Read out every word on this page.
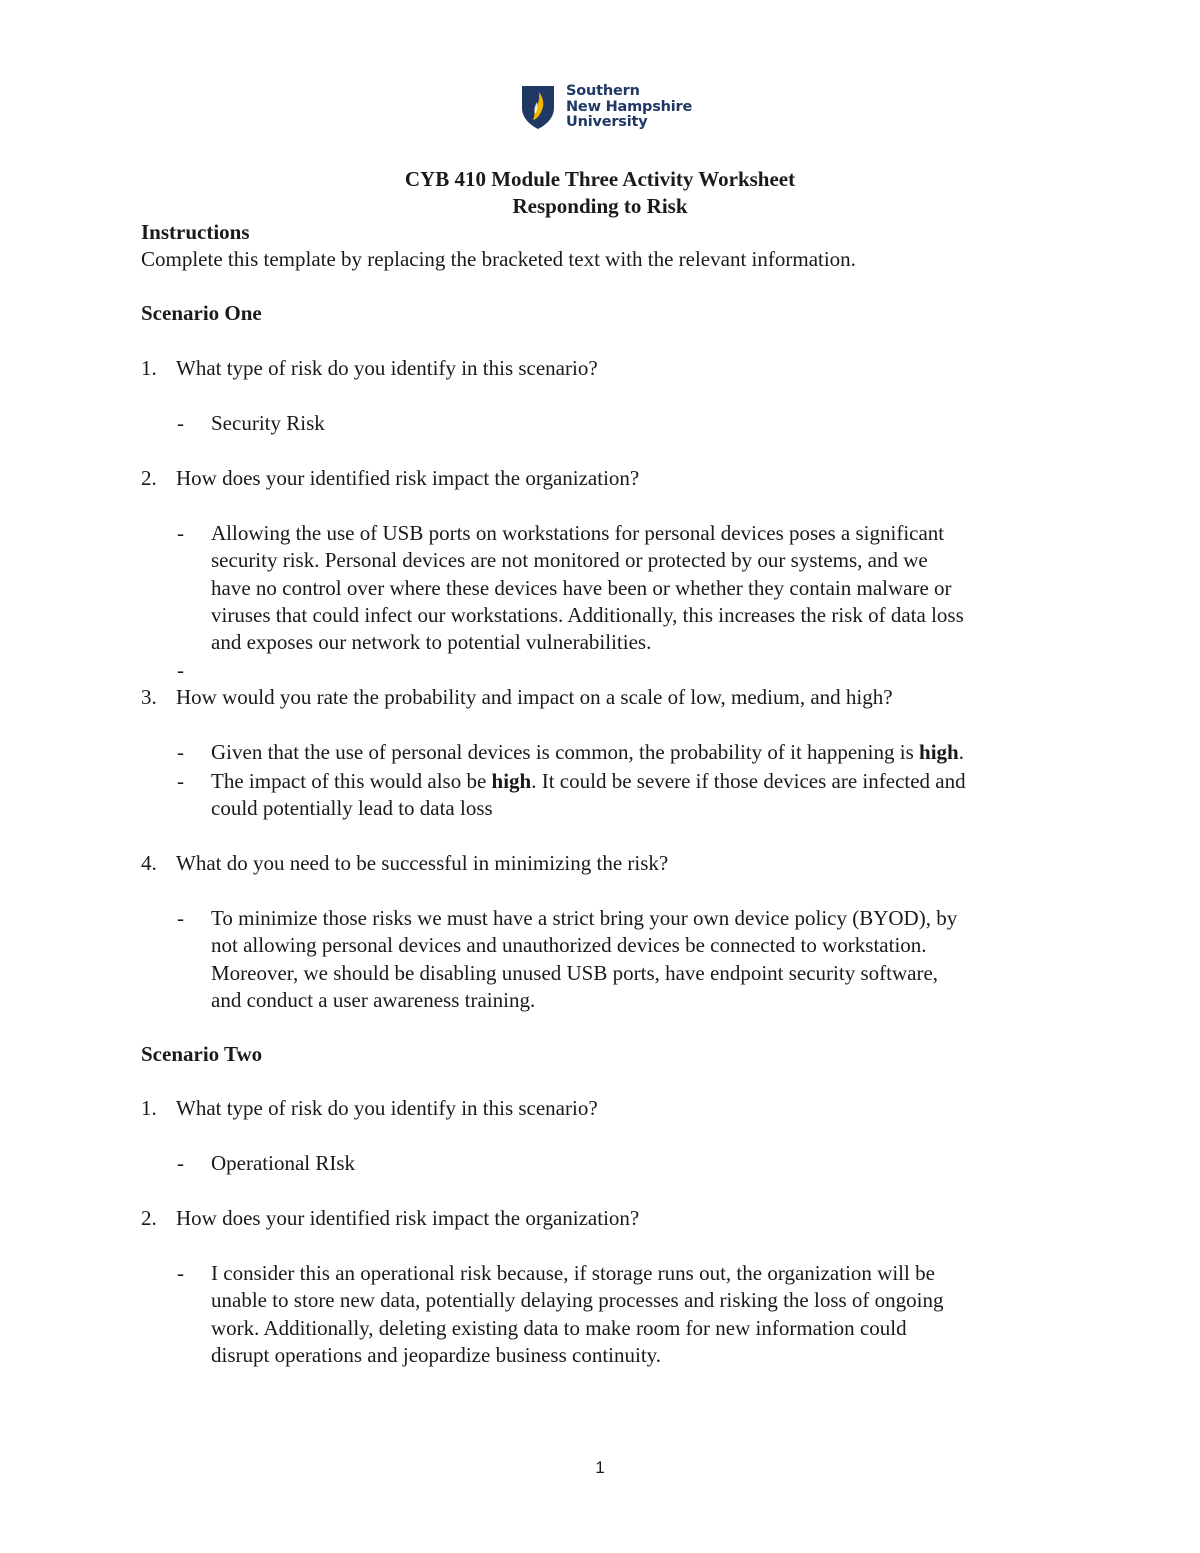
Southern
New Hampshire
University
CYB 410 Module Three Activity Worksheet
Responding to Risk
Instructions
Complete this template by replacing the bracketed text with the relevant information.
Scenario One
1. What type of risk do you identify in this scenario?
- Security Risk
2. How does your identified risk impact the organization?
- Allowing the use of USB ports on workstations for personal devices poses a significant
security risk. Personal devices are not monitored or protected by our systems, and we
have no control over where these devices have been or whether they contain malware or
viruses that could infect our workstations. Additionally, this increases the risk of data loss
and exposes our network to potential vulnerabilities.
-
3. How would you rate the probability and impact on a scale of low, medium, and high?
- Given that the use of personal devices is common, the probability of it happening is high.
- The impact of this would also be high. It could be severe if those devices are infected and
could potentially lead to data loss
4. What do you need to be successful in minimizing the risk?
- To minimize those risks we must have a strict bring your own device policy (BYOD), by
not allowing personal devices and unauthorized devices be connected to workstation.
Moreover, we should be disabling unused USB ports, have endpoint security software,
and conduct a user awareness training.
Scenario Two
1. What type of risk do you identify in this scenario?
- Operational RIsk
2. How does your identified risk impact the organization?
- I consider this an operational risk because, if storage runs out, the organization will be
unable to store new data, potentially delaying processes and risking the loss of ongoing
work. Additionally, deleting existing data to make room for new information could
disrupt operations and jeopardize business continuity.
1
